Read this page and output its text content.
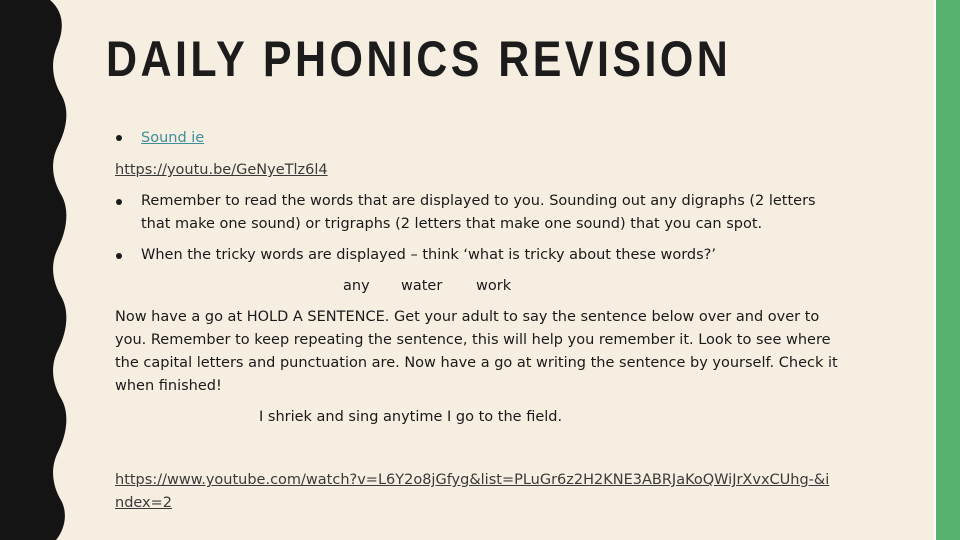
DAILY PHONICS REVISION
Sound ie
https://youtu.be/GeNyeTlz6l4
Remember to read the words that are displayed to you. Sounding out any digraphs (2 letters that make one sound) or trigraphs (2 letters that make one sound) that you can spot.
When the tricky words are displayed – think ‘what is tricky about these words?’
any water work
Now have a go at HOLD A SENTENCE. Get your adult to say the sentence below over and over to you. Remember to keep repeating the sentence, this will help you remember it. Look to see where the capital letters and punctuation are. Now have a go at writing the sentence by yourself. Check it when finished!
I shriek and sing anytime I go to the field.
https://www.youtube.com/watch?v=L6Y2o8jGfyg&list=PLuGr6z2H2KNE3ABRJaKoQWiJrXvxCUhg-&index=2
